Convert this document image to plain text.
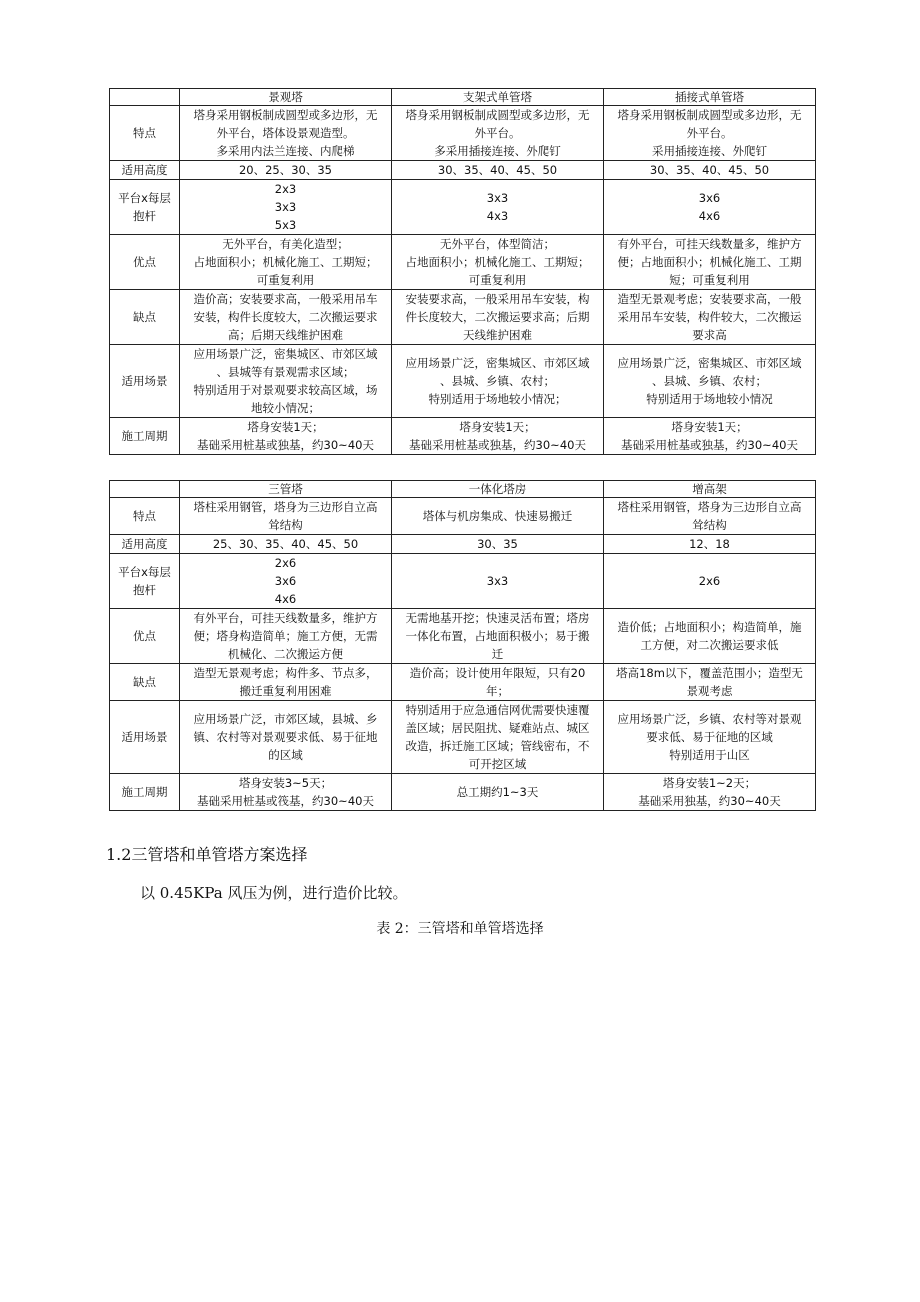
	景观塔	支架式单管塔	插接式单管塔
特点	塔身采用钢板制成圆型或多边形，无
外平台，塔体设景观造型。
多采用内法兰连接、内爬梯	塔身采用钢板制成圆型或多边形，无
外平台。
多采用插接连接、外爬钉	塔身采用钢板制成圆型或多边形，无
外平台。
采用插接连接、外爬钉

适用高度	20、25、30、35	30、35、40、45、50	30、35、40、45、50

平台x每层
抱杆	2x3
3x3
5x3	3x3
4x3	3x6
4x6

优点	无外平台，有美化造型；
占地面积小；机械化施工、工期短；
可重复利用	无外平台，体型简洁；
占地面积小；机械化施工、工期短；
可重复利用	有外平台，可挂天线数量多，维护方
便；占地面积小；机械化施工、工期
短；可重复利用

缺点	造价高；安装要求高，一般采用吊车
安装，构件长度较大，二次搬运要求
高；后期天线维护困难	安装要求高，一般采用吊车安装，构
件长度较大，二次搬运要求高；后期
天线维护困难	造型无景观考虑；安装要求高，一般
采用吊车安装，构件较大，二次搬运
要求高

适用场景	应用场景广泛，密集城区、市郊区域
、县城等有景观需求区域；
特别适用于对景观要求较高区域，场
地较小情况；	应用场景广泛，密集城区、市郊区域
、县城、乡镇、农村；
特别适用于场地较小情况；	应用场景广泛，密集城区、市郊区域
、县城、乡镇、农村；
特别适用于场地较小情况

施工周期	塔身安装1天；
基础采用桩基或独基，约30~40天	塔身安装1天；
基础采用桩基或独基，约30~40天	塔身安装1天；
基础采用桩基或独基，约30~40天
	三管塔	一体化塔房	增高架
特点	塔柱采用钢管，塔身为三边形自立高
耸结构	塔体与机房集成、快速易搬迁	塔柱采用钢管，塔身为三边形自立高
耸结构

适用高度	25、30、35、40、45、50	30、35	12、18

平台x每层
抱杆	2x6
3x6
4x6	3x3	2x6

优点	有外平台，可挂天线数量多，维护方
便；塔身构造简单；施工方便，无需
机械化、二次搬运方便	无需地基开挖；快速灵活布置；塔房
一体化布置，占地面积极小；易于搬
迁	造价低；占地面积小；构造简单，施
工方便，对二次搬运要求低

缺点	造型无景观考虑；构件多、节点多，
搬迁重复利用困难	造价高；设计使用年限短，只有20
年；	塔高18m以下，覆盖范围小；造型无
景观考虑

适用场景	应用场景广泛，市郊区域，县城、乡
镇、农村等对景观要求低、易于征地
的区域	特别适用于应急通信网优需要快速覆
盖区域；居民阻扰、疑难站点、城区
改造，拆迁施工区域；管线密布，不
可开挖区域	应用场景广泛，乡镇、农村等对景观
要求低、易于征地的区域
特别适用于山区

施工周期	塔身安装3~5天；
基础采用桩基或筏基，约30~40天	总工期约1~3天	塔身安装1~2天；
基础采用独基，约30~40天
1.2三管塔和单管塔方案选择
以 0.45KPa 风压为例，进行造价比较。
表 2：三管塔和单管塔选择
